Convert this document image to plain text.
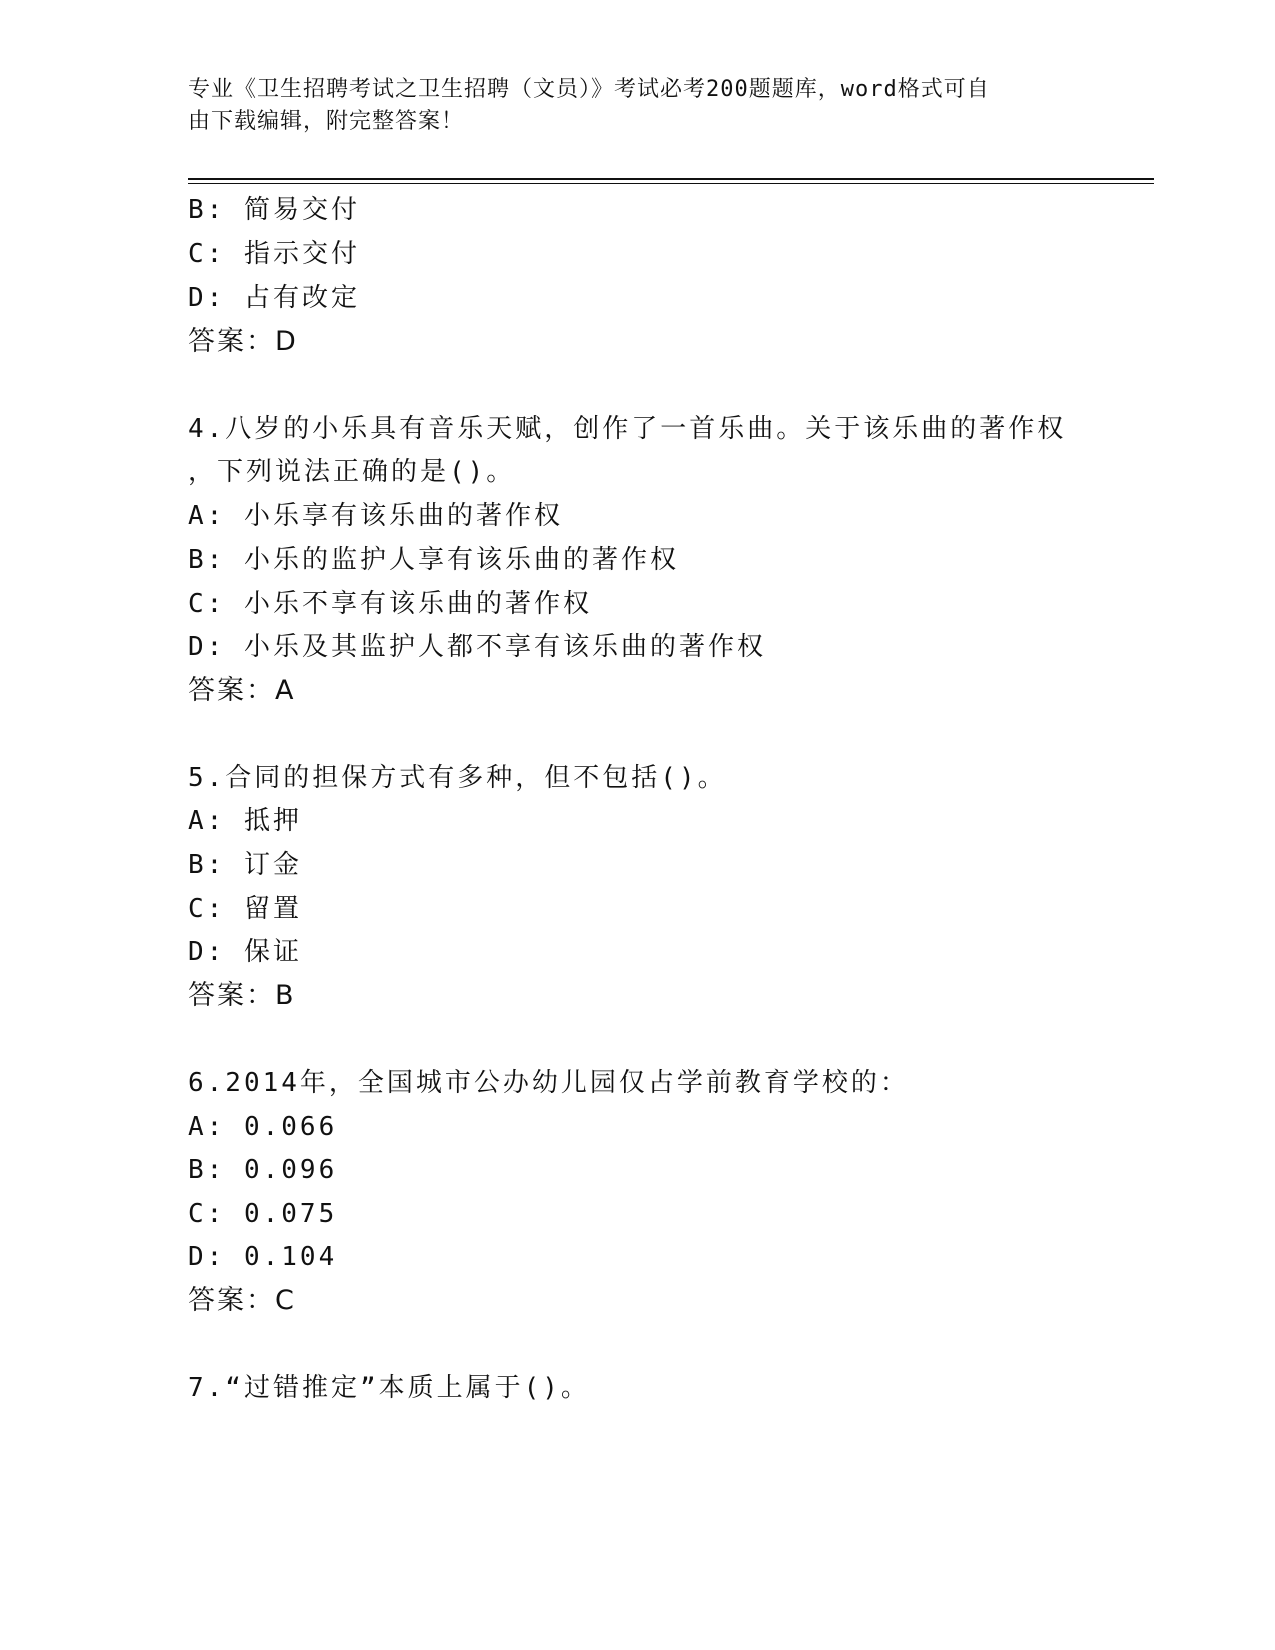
专业《卫生招聘考试之卫生招聘（文员）》考试必考200题题库，word格式可自
由下载编辑，附完整答案！
B: 简易交付
C: 指示交付
D: 占有改定
答案：D
4.八岁的小乐具有音乐天赋，创作了一首乐曲。关于该乐曲的著作权
，下列说法正确的是()。
A: 小乐享有该乐曲的著作权
B: 小乐的监护人享有该乐曲的著作权
C: 小乐不享有该乐曲的著作权
D: 小乐及其监护人都不享有该乐曲的著作权
答案：A
5.合同的担保方式有多种，但不包括()。
A: 抵押
B: 订金
C: 留置
D: 保证
答案：B
6.2014年，全国城市公办幼儿园仅占学前教育学校的：
A: 0.066
B: 0.096
C: 0.075
D: 0.104
答案：C
7.“过错推定”本质上属于()。
